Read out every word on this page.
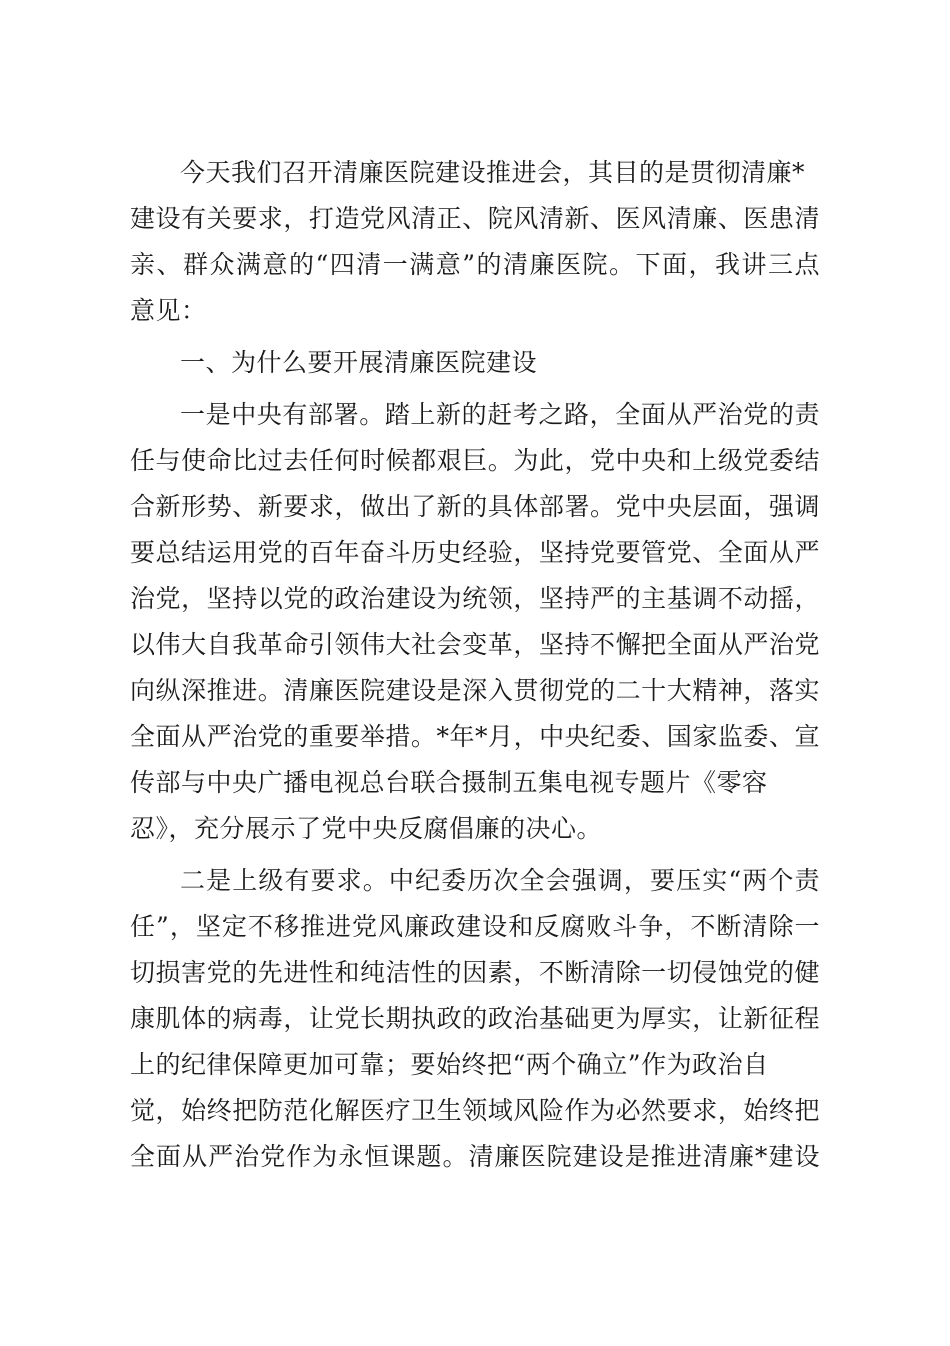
今天我们召开清廉医院建设推进会，其目的是贯彻清廉*
建设有关要求，打造党风清正、院风清新、医风清廉、医患清
亲、群众满意的“四清一满意”的清廉医院。下面，我讲三点
意见：
一、为什么要开展清廉医院建设
一是中央有部署。踏上新的赶考之路，全面从严治党的责
任与使命比过去任何时候都艰巨。为此，党中央和上级党委结
合新形势、新要求，做出了新的具体部署。党中央层面，强调
要总结运用党的百年奋斗历史经验，坚持党要管党、全面从严
治党，坚持以党的政治建设为统领，坚持严的主基调不动摇，
以伟大自我革命引领伟大社会变革，坚持不懈把全面从严治党
向纵深推进。清廉医院建设是深入贯彻党的二十大精神，落实
全面从严治党的重要举措。*年*月，中央纪委、国家监委、宣
传部与中央广播电视总台联合摄制五集电视专题片《零容
忍》，充分展示了党中央反腐倡廉的决心。
二是上级有要求。中纪委历次全会强调，要压实“两个责
任”，坚定不移推进党风廉政建设和反腐败斗争，不断清除一
切损害党的先进性和纯洁性的因素，不断清除一切侵蚀党的健
康肌体的病毒，让党长期执政的政治基础更为厚实，让新征程
上的纪律保障更加可靠；要始终把“两个确立”作为政治自
觉，始终把防范化解医疗卫生领域风险作为必然要求，始终把
全面从严治党作为永恒课题。清廉医院建设是推进清廉*建设
